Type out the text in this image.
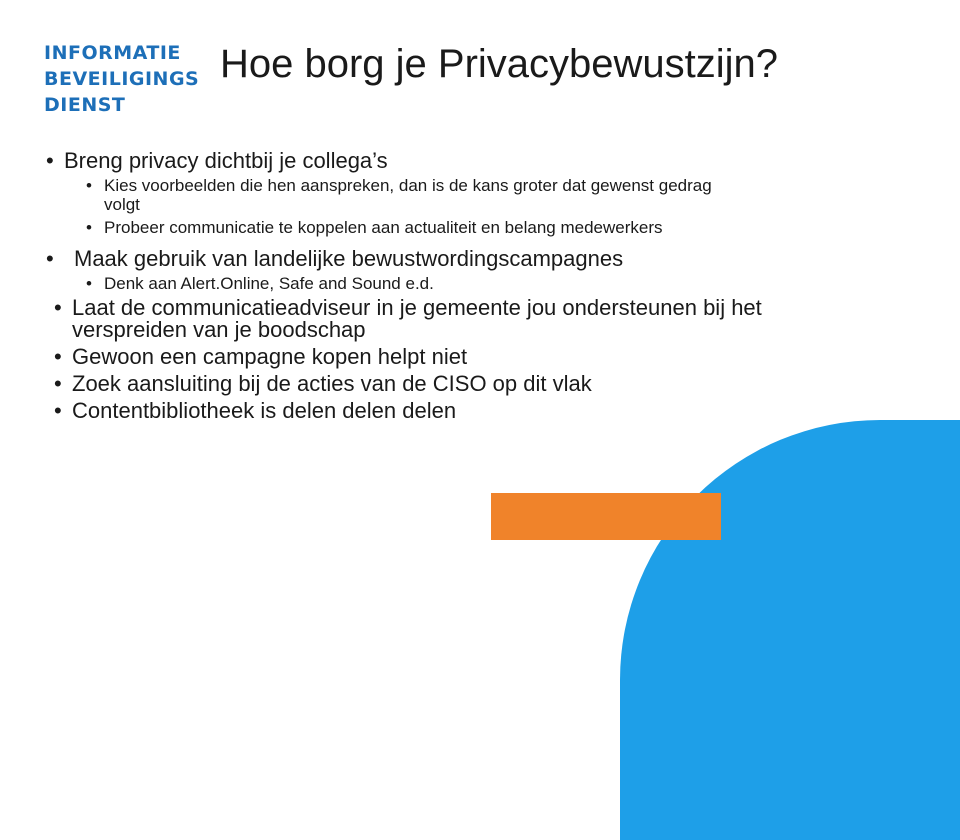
INFORMATIE
BEVEILIGINGS
DIENST
Hoe borg je Privacybewustzijn?
• Breng privacy dichtbij je collega’s
• Kies voorbeelden die hen aanspreken, dan is de kans groter dat gewenst gedrag
volgt
• Probeer communicatie te koppelen aan actualiteit en belang medewerkers
• Maak gebruik van landelijke bewustwordingscampagnes
• Denk aan Alert.Online, Safe and Sound e.d.
• Laat de communicatieadviseur in je gemeente jou ondersteunen bij het
verspreiden van je boodschap
• Gewoon een campagne kopen helpt niet
• Zoek aansluiting bij de acties van de CISO op dit vlak
• Contentbibliotheek is delen delen delen
